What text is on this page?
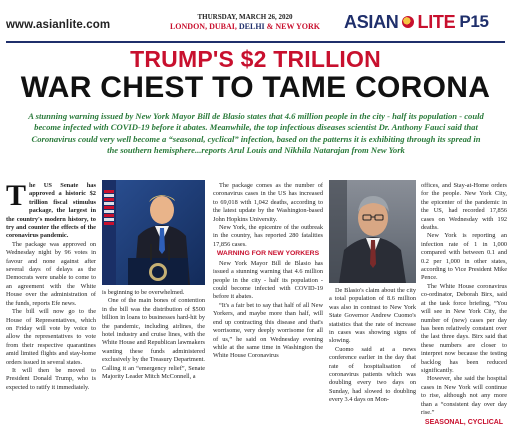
www.asianlite.com
THURSDAY, MARCH 26, 2020
LONDON, DUBAI, DELHI & NEW YORK	ASIAN LITE P15
TRUMP'S $2 TRILLION
WAR CHEST TO TAME CORONA
A stunning warning issued by New York Mayor Bill de Blasio states that 4.6 million people in the city - half its population - could become infected with COVID-19 before it abates. Meanwhile, the top infectious diseases scientist Dr. Anthony Fauci said that Coronavirus could very well become a “seasonal, cyclical” infection, based on the patterns it is exhibiting through its spread in the southern hemisphere...reports Arul Louis and Nikhila Natarajan from New York
T he US Senate has approved a historic $2 trillion fiscal stimulus package, the largest in the country's modern history, to try and counter the effects of the coronavirus pandemic.

The package was approved on Wednesday night by 96 votes in favour and none against after several days of delays as the Democrats were unable to come to an agreement with the White House over the administration of the funds, reports Efe news.

The bill will now go to the House of Representatives, which on Friday will vote by voice to allow the representatives to vote from their respective quarantines amid limited flights and stay-home orders issued in several states.

It will then be moved to President Donald Trump, who is expected to ratify it immediately.

is beginning to be overwhelmed.

One of the main bones of contention in the bill was the distribution of $500 billion in loans to businesses hard-hit by the pandemic, including airlines, the hotel industry and cruise lines, with the White House and Republican lawmakers wanting these funds administered exclusively by the Treasury Department. Calling it an “emergency relief”, Senate Majority Leader Mitch McConnell, a

The package comes as the number of coronavirus cases in the US has increased to 69,018 with 1,042 deaths, according to the latest update by the Washington-based John Hopkins University.

New York, the epicentre of the outbreak in the country, has reported 280 fatalities 17,856 cases.

WARNING FOR NEW YORKERS

New York Mayor Bill de Blasio has issued a stunning warning that 4.6 million people in the city - half its population - could become infected with COVID-19 before it abates.

“It's a fair bet to say that half of all New Yorkers, and maybe more than half, will end up contracting this disease and that's worrisome, very deeply worrisome for all of us,” he said on Wednesday evening while at the same time in Washington the White House Coronavirus

De Blasio's claim about the city a total population of 8.6 million was also in contrast to New York State Governor Andrew Cuomo's statistics that the rate of increase in cases was showing signs of slowing.

Cuomo said at a news conference earlier in the day that rate of hospitalisation of coronavirus patients which was doubling every two days on Sunday, had slowed to doubling every 3.4 days on Mon-

offices, and Stay-at-Home orders for the people. New York City, the epicenter of the pandemic in the US, had recorded 17,856 cases on Wednesday with 192 deaths.

New York is reporting an infection rate of 1 in 1,000 compared with between 0.1 and 0.2 per 1,000 in other states, according to Vice President Mike Pence.

The White House coronavirus co-ordinator, Deborah Birx, said at the task force briefing, “You will see in New York City, the number of (new) cases per day has been relatively constant over the last three days. Birx said that these numbers are closer to interpret now because the testing backlog has been reduced significantly.

However, she said the hospital cases in New York will continue to rise, although not any more than a “consistent day over day rise.”

SEASONAL, CYCLICAL
